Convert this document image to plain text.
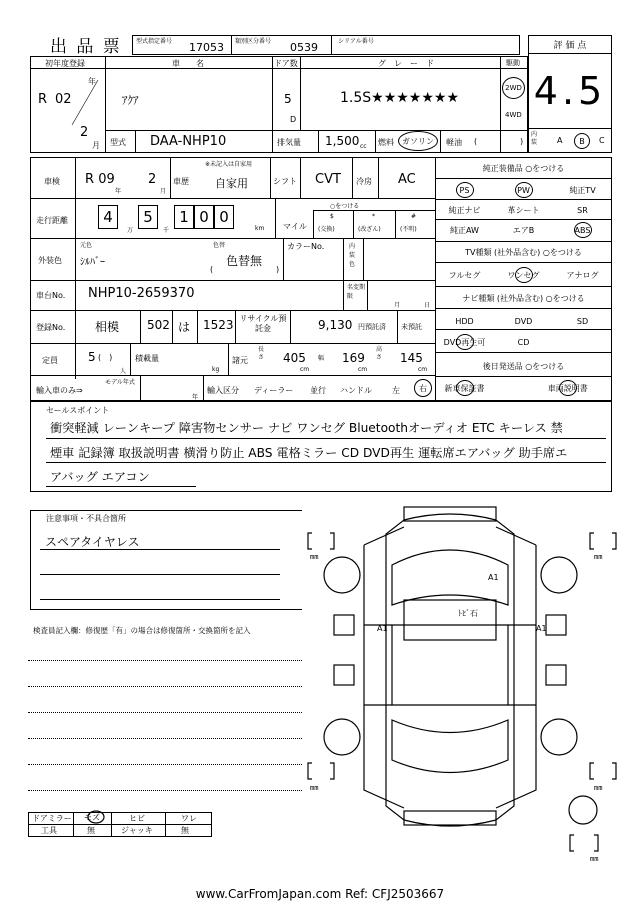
出 品 票 型式指定番号 17053 類別区分番号 0539	シリアル番号	評 価 点
4.5
内装	A	B	C
初年度登録
R 02
年
2
月
車　　名
ｱｸｱ
ドア数
5
D
グ　レ　ー　ド
1.5S★★★★★★★
駆動
2WD
4WD
型式 DAA-NHP10	排気量 1,500 cc 燃料	ガソリン	軽油 (	)
車検 R 09
年
2
月
車歴
※未記入は自家用
自家用	シフト CVT 冷房 AC
走行距離	4
万
5
千
1 0 0
km マイル
○をつける
$
(交換)
*
(改ざん)
#
(不明)
外装色
元色
ｼﾙﾊﾞｰ
色替
色替無
(	)
カラーNo.	内装色
車台No. NHP10-2659370	名変期限
月	日
登録No. 相模 502 は 1523 リサイクル預託金	9,130 円預託済 未預託
定員	5 (　)
人
積載量
kg
諸元
長さ 405
cm
幅 169
cm
高さ 145
cm
輸入車のみ⇒
モデル年式
年
輸入区分 ディーラー 並行 ハンドル	左	右
純正装備品 ○をつける
PS	PW	純正TV
純正ナビ	革シート	SR
純正AW	エアB	ABS
TV種類 (社外品含む) ○をつける
フルセグ	ワンセグ	アナログ
ナビ種類 (社外品含む) ○をつける
HDD	DVD	SD
DVD再生可	CD
後日発送品 ○をつける
新車保証書	車両説明書
セールスポイント
衝突軽減 レーンキープ 障害物センサー ナビ ワンセグ Bluetoothオーディオ ETC キーレス 禁
煙車 記録簿 取扱説明書 横滑り防止 ABS 電格ミラー CD DVD再生 運転席エアバッグ 助手席エ
アバッグ エアコン
注意事項・不具合箇所
スペアタイヤレス
検査員記入欄：修復歴「有」の場合は修復箇所・交換箇所を記入
ドアミラー モズ	ヒビ	ワレ
工具	無	ジャッキ	無
mm	mm
mm	mm
mm
A1
ﾄﾋﾞ石
A1	A1
www.CarFromJapan.com Ref: CFJ2503667
